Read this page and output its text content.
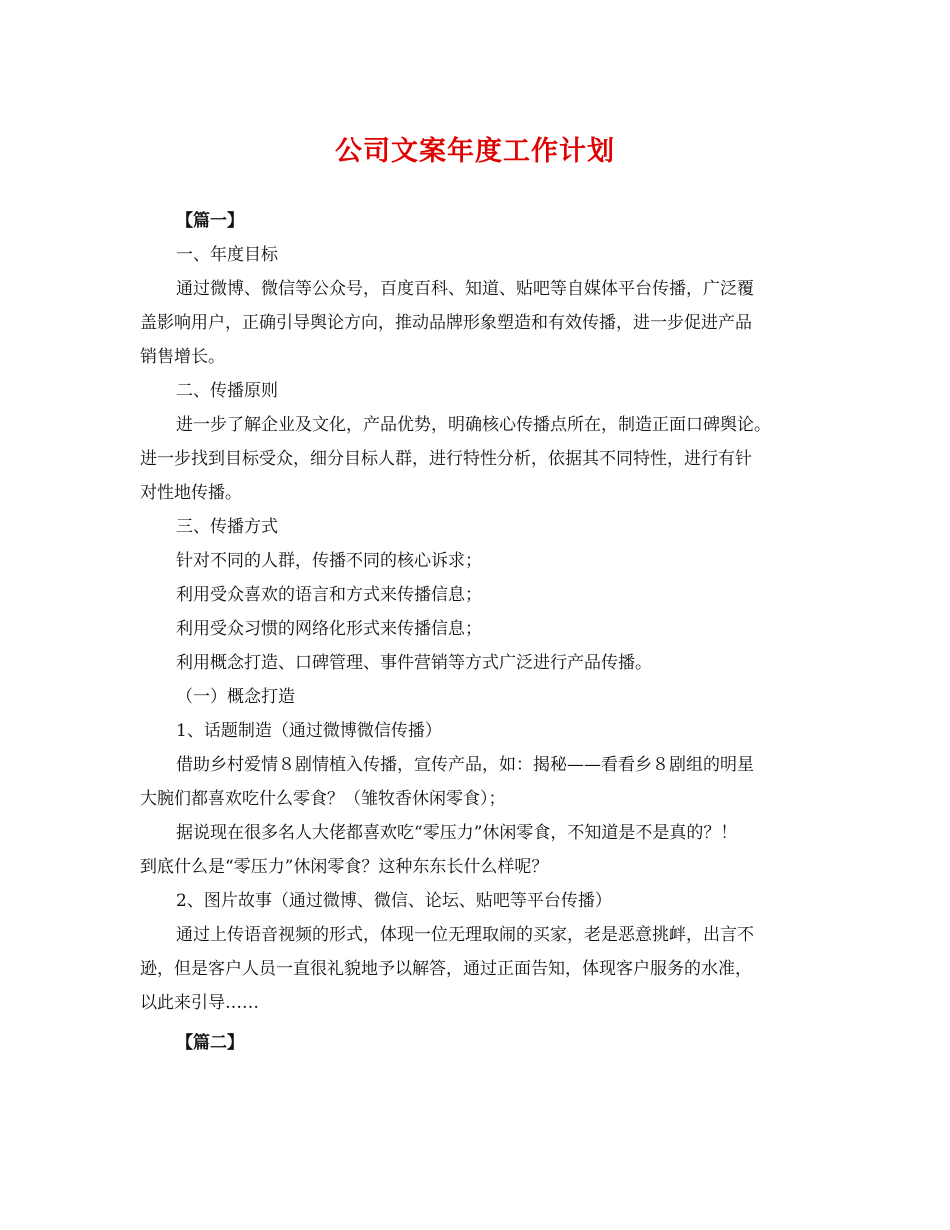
公司文案年度工作计划

【篇一】

一、年度目标

通过微博、微信等公众号，百度百科、知道、贴吧等自媒体平台传播，广泛覆

盖影响用户，正确引导舆论方向，推动品牌形象塑造和有效传播，进一步促进产品

销售增长。

二、传播原则

进一步了解企业及文化，产品优势，明确核心传播点所在，制造正面口碑舆论。

进一步找到目标受众，细分目标人群，进行特性分析，依据其不同特性，进行有针

对性地传播。

三、传播方式

针对不同的人群，传播不同的核心诉求；

利用受众喜欢的语言和方式来传播信息；

利用受众习惯的网络化形式来传播信息；

利用概念打造、口碑管理、事件营销等方式广泛进行产品传播。

（一）概念打造

1、话题制造（通过微博微信传播）

借助乡村爱情８剧情植入传播，宣传产品，如：揭秘——看看乡８剧组的明星

大腕们都喜欢吃什么零食？（雏牧香休闲零食）；

据说现在很多名人大佬都喜欢吃“零压力”休闲零食，不知道是不是真的？！

到底什么是“零压力”休闲零食？这种东东长什么样呢？

2、图片故事（通过微博、微信、论坛、贴吧等平台传播）

通过上传语音视频的形式，体现一位无理取闹的买家，老是恶意挑衅，出言不

逊，但是客户人员一直很礼貌地予以解答，通过正面告知，体现客户服务的水准，

以此来引导……

【篇二】
